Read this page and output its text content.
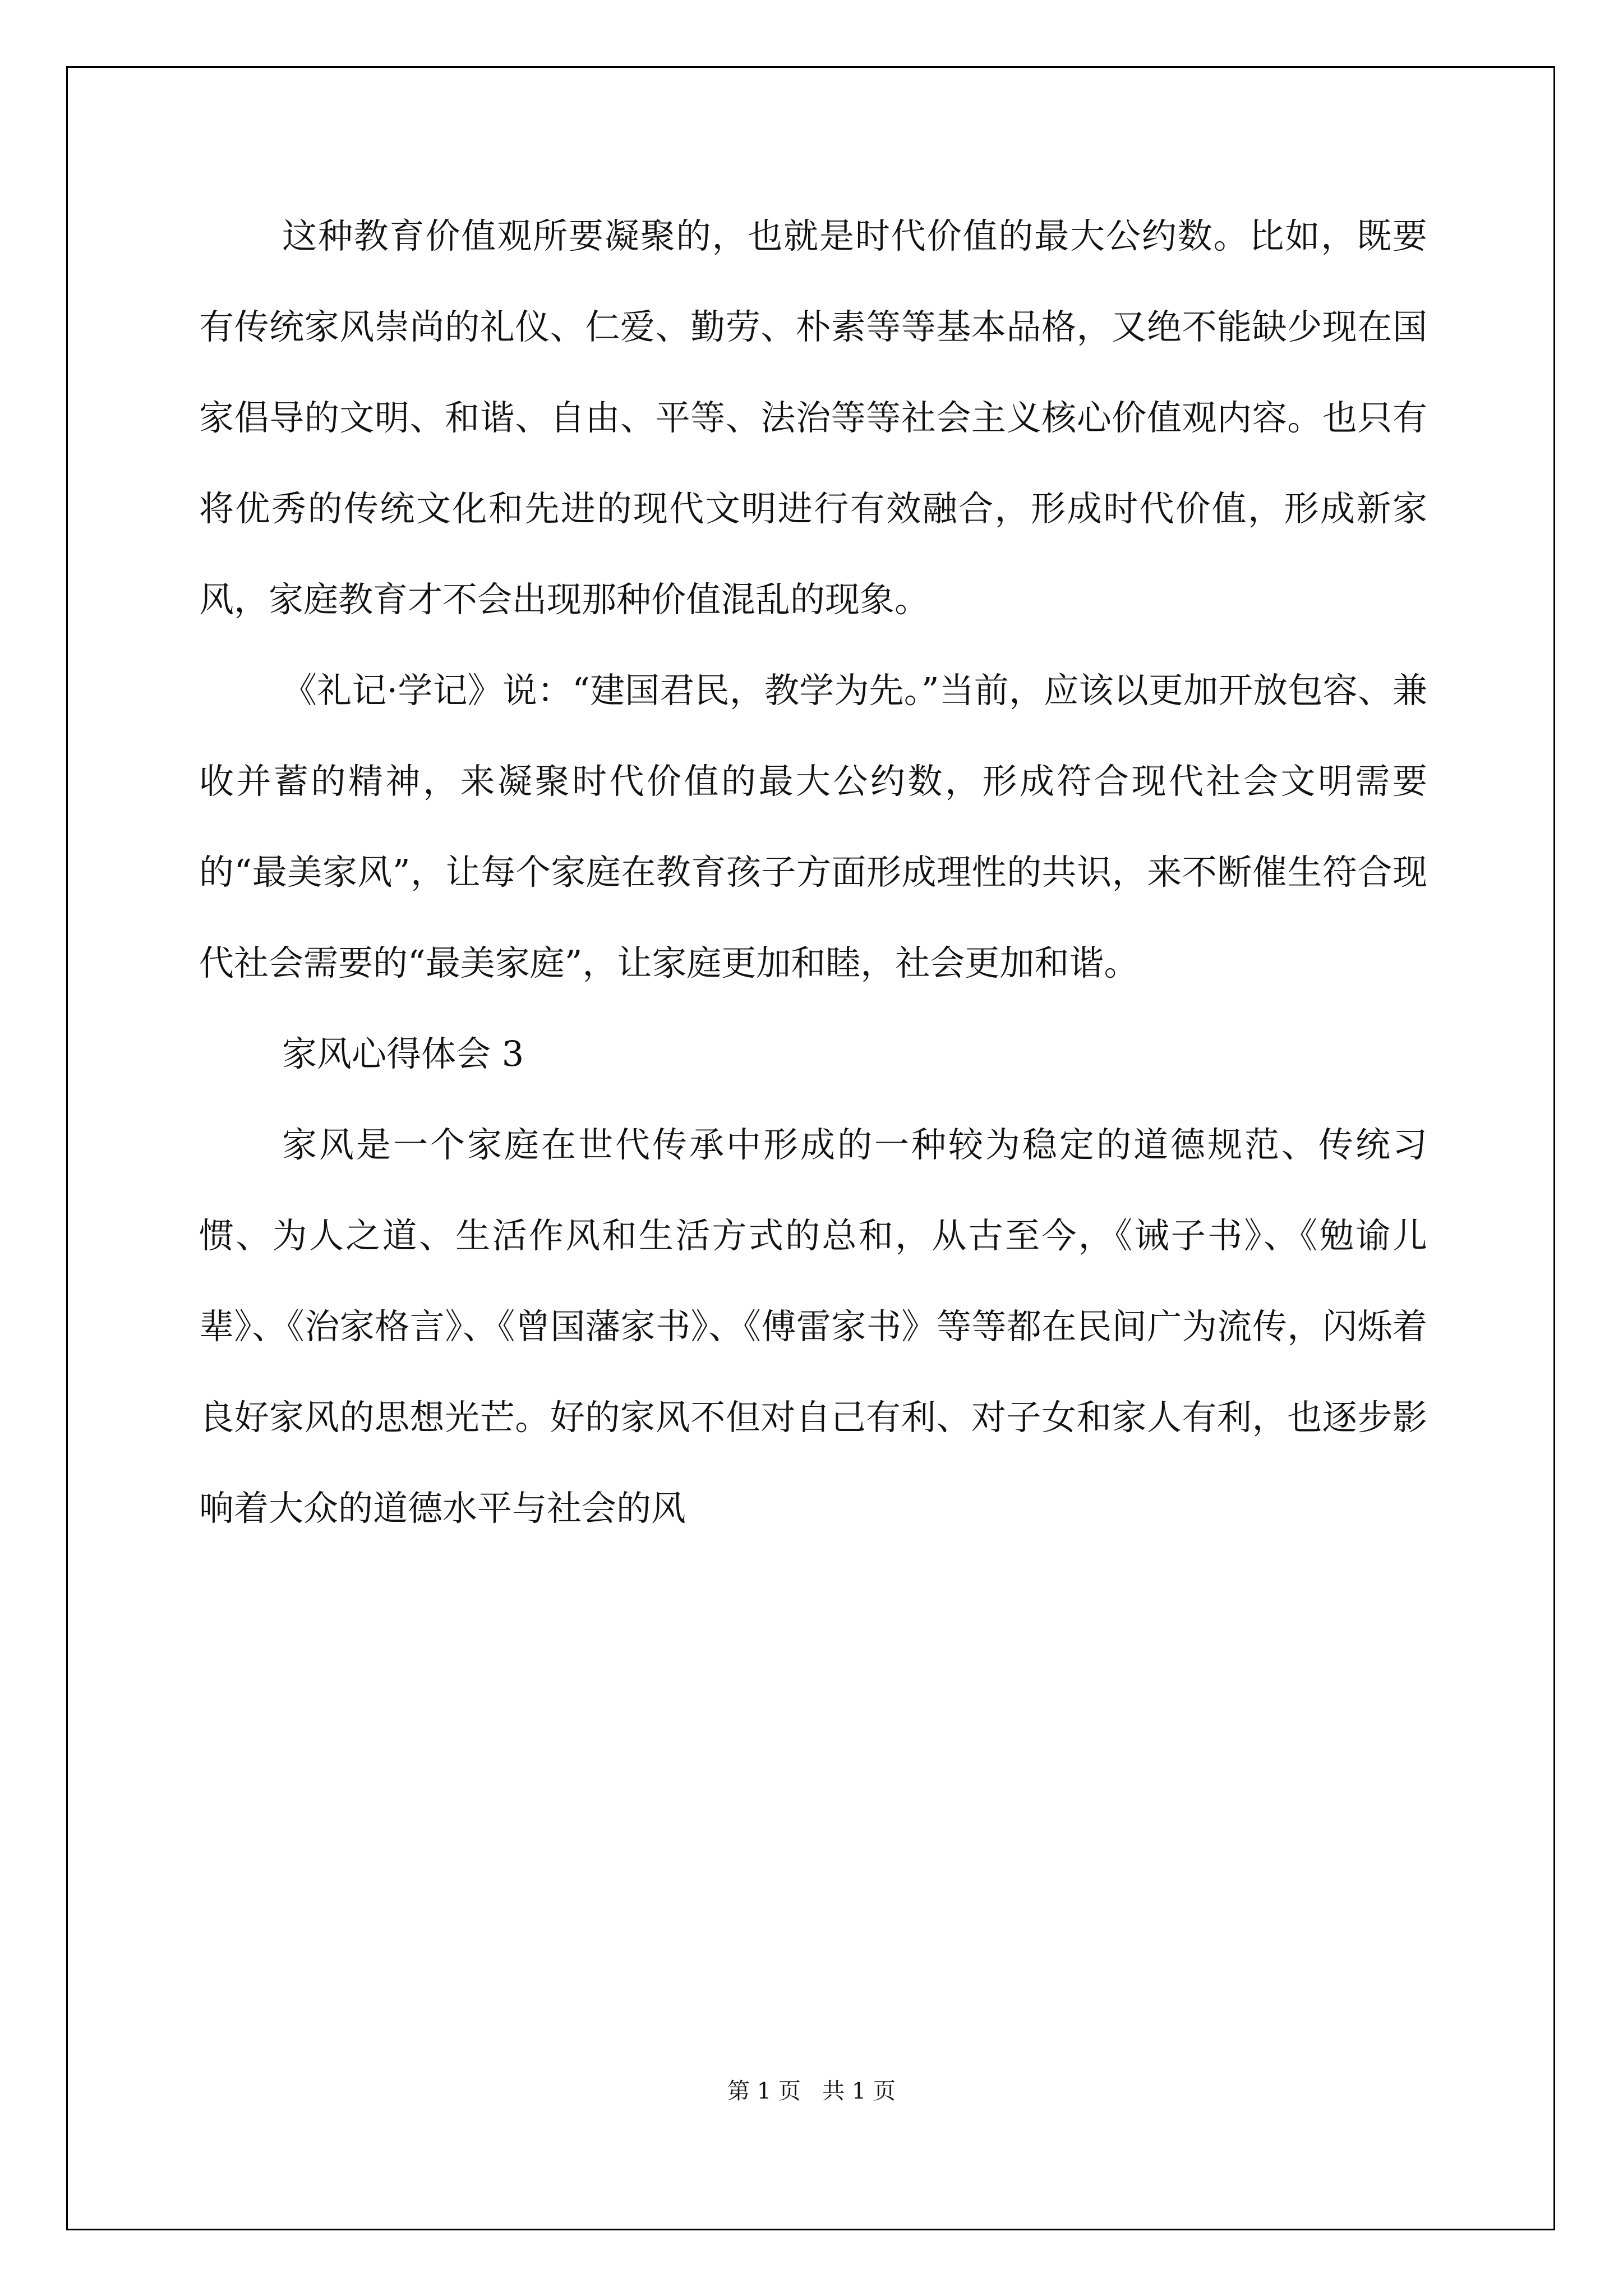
这种教育价值观所要凝聚的，也就是时代价值的最大公约数。比如，既要有传统家风崇尚的礼仪、仁爱、勤劳、朴素等等基本品格，又绝不能缺少现在国家倡导的文明、和谐、自由、平等、法治等等社会主义核心价值观内容。也只有将优秀的传统文化和先进的现代文明进行有效融合，形成时代价值，形成新家风，家庭教育才不会出现那种价值混乱的现象。

《礼记·学记》说：“建国君民，教学为先。”当前，应该以更加开放包容、兼收并蓄的精神，来凝聚时代价值的最大公约数，形成符合现代社会文明需要的“最美家风”，让每个家庭在教育孩子方面形成理性的共识，来不断催生符合现代社会需要的“最美家庭”，让家庭更加和睦，社会更加和谐。

家风心得体会 3

家风是一个家庭在世代传承中形成的一种较为稳定的道德规范、传统习惯、为人之道、生活作风和生活方式的总和，从古至今，《诫子书》、《勉谕儿辈》、《治家格言》、《曾国藩家书》、《傅雷家书》等等都在民间广为流传，闪烁着良好家风的思想光芒。好的家风不但对自己有利、对子女和家人有利，也逐步影响着大众的道德水平与社会的风

第 1 页 共 1 页
